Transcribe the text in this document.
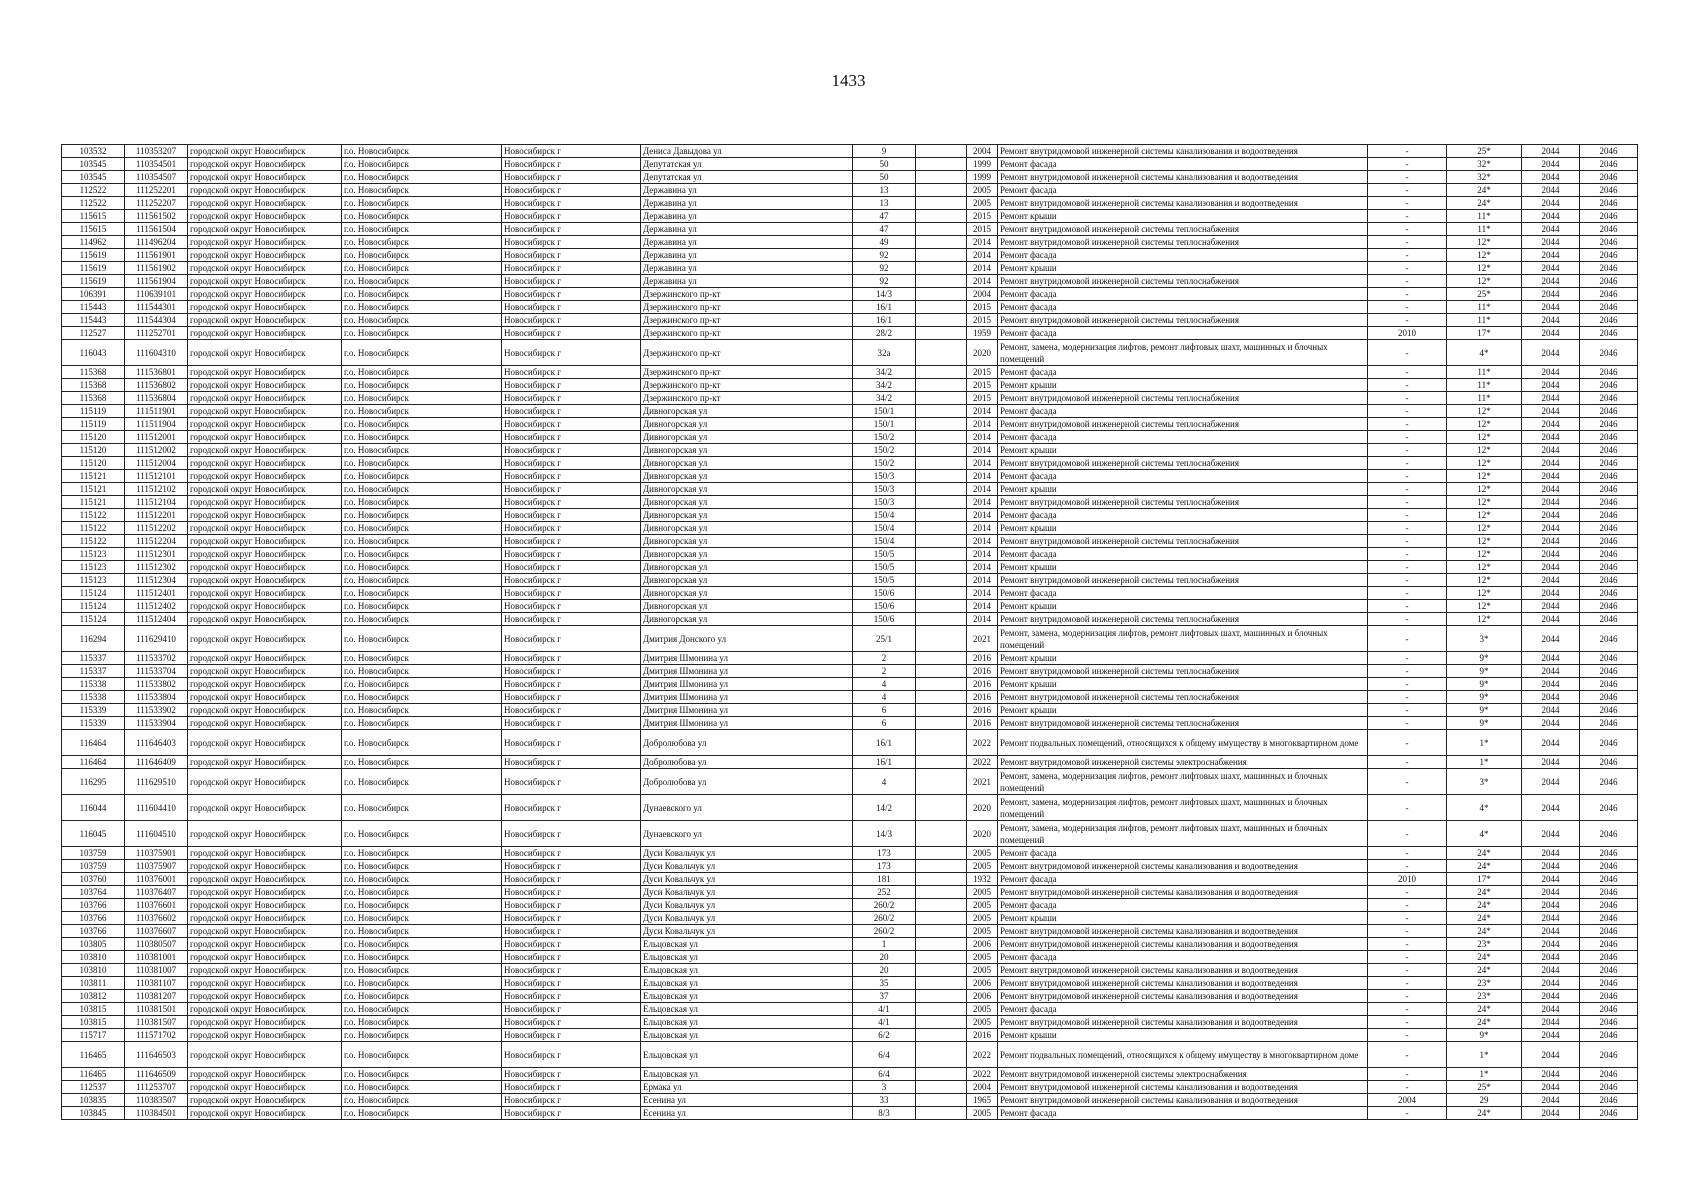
1433
103532	110353207	городской округ Новосибирск	г.о. Новосибирск	Новосибирск г	Дениса Давыдова ул	9		2004	Ремонт внутридомовой инженерной системы канализования и водоотведения	-	25*	2044	2046
103545	110354501	городской округ Новосибирск	г.о. Новосибирск	Новосибирск г	Депутатская ул	50		1999	Ремонт фасада	-	32*	2044	2046
103545	110354507	городской округ Новосибирск	г.о. Новосибирск	Новосибирск г	Депутатская ул	50		1999	Ремонт внутридомовой инженерной системы канализования и водоотведения	-	32*	2044	2046
112522	111252201	городской округ Новосибирск	г.о. Новосибирск	Новосибирск г	Державина ул	13		2005	Ремонт фасада	-	24*	2044	2046
112522	111252207	городской округ Новосибирск	г.о. Новосибирск	Новосибирск г	Державина ул	13		2005	Ремонт внутридомовой инженерной системы канализования и водоотведения	-	24*	2044	2046
115615	111561502	городской округ Новосибирск	г.о. Новосибирск	Новосибирск г	Державина ул	47		2015	Ремонт крыши	-	11*	2044	2046
115615	111561504	городской округ Новосибирск	г.о. Новосибирск	Новосибирск г	Державина ул	47		2015	Ремонт внутридомовой инженерной системы теплоснабжения	-	11*	2044	2046
114962	111496204	городской округ Новосибирск	г.о. Новосибирск	Новосибирск г	Державина ул	49		2014	Ремонт внутридомовой инженерной системы теплоснабжения	-	12*	2044	2046
115619	111561901	городской округ Новосибирск	г.о. Новосибирск	Новосибирск г	Державина ул	92		2014	Ремонт фасада	-	12*	2044	2046
115619	111561902	городской округ Новосибирск	г.о. Новосибирск	Новосибирск г	Державина ул	92		2014	Ремонт крыши	-	12*	2044	2046
115619	111561904	городской округ Новосибирск	г.о. Новосибирск	Новосибирск г	Державина ул	92		2014	Ремонт внутридомовой инженерной системы теплоснабжения	-	12*	2044	2046
106391	110639101	городской округ Новосибирск	г.о. Новосибирск	Новосибирск г	Дзержинского пр-кт	14/3		2004	Ремонт фасада	-	25*	2044	2046
115443	111544301	городской округ Новосибирск	г.о. Новосибирск	Новосибирск г	Дзержинского пр-кт	16/1		2015	Ремонт фасада	-	11*	2044	2046
115443	111544304	городской округ Новосибирск	г.о. Новосибирск	Новосибирск г	Дзержинского пр-кт	16/1		2015	Ремонт внутридомовой инженерной системы теплоснабжения	-	11*	2044	2046
112527	111252701	городской округ Новосибирск	г.о. Новосибирск	Новосибирск г	Дзержинского пр-кт	28/2		1959	Ремонт фасада	2010	17*	2044	2046
116043	111604310	городской округ Новосибирск	г.о. Новосибирск	Новосибирск г	Дзержинского пр-кт	32а		2020	Ремонт, замена, модернизация лифтов, ремонт лифтовых шахт, машинных и блочных помещений	-	4*	2044	2046
115368	111536801	городской округ Новосибирск	г.о. Новосибирск	Новосибирск г	Дзержинского пр-кт	34/2		2015	Ремонт фасада	-	11*	2044	2046
115368	111536802	городской округ Новосибирск	г.о. Новосибирск	Новосибирск г	Дзержинского пр-кт	34/2		2015	Ремонт крыши	-	11*	2044	2046
115368	111536804	городской округ Новосибирск	г.о. Новосибирск	Новосибирск г	Дзержинского пр-кт	34/2		2015	Ремонт внутридомовой инженерной системы теплоснабжения	-	11*	2044	2046
115119	111511901	городской округ Новосибирск	г.о. Новосибирск	Новосибирск г	Дивногорская ул	150/1		2014	Ремонт фасада	-	12*	2044	2046
115119	111511904	городской округ Новосибирск	г.о. Новосибирск	Новосибирск г	Дивногорская ул	150/1		2014	Ремонт внутридомовой инженерной системы теплоснабжения	-	12*	2044	2046
115120	111512001	городской округ Новосибирск	г.о. Новосибирск	Новосибирск г	Дивногорская ул	150/2		2014	Ремонт фасада	-	12*	2044	2046
115120	111512002	городской округ Новосибирск	г.о. Новосибирск	Новосибирск г	Дивногорская ул	150/2		2014	Ремонт крыши	-	12*	2044	2046
115120	111512004	городской округ Новосибирск	г.о. Новосибирск	Новосибирск г	Дивногорская ул	150/2		2014	Ремонт внутридомовой инженерной системы теплоснабжения	-	12*	2044	2046
115121	111512101	городской округ Новосибирск	г.о. Новосибирск	Новосибирск г	Дивногорская ул	150/3		2014	Ремонт фасада	-	12*	2044	2046
115121	111512102	городской округ Новосибирск	г.о. Новосибирск	Новосибирск г	Дивногорская ул	150/3		2014	Ремонт крыши	-	12*	2044	2046
115121	111512104	городской округ Новосибирск	г.о. Новосибирск	Новосибирск г	Дивногорская ул	150/3		2014	Ремонт внутридомовой инженерной системы теплоснабжения	-	12*	2044	2046
115122	111512201	городской округ Новосибирск	г.о. Новосибирск	Новосибирск г	Дивногорская ул	150/4		2014	Ремонт фасада	-	12*	2044	2046
115122	111512202	городской округ Новосибирск	г.о. Новосибирск	Новосибирск г	Дивногорская ул	150/4		2014	Ремонт крыши	-	12*	2044	2046
115122	111512204	городской округ Новосибирск	г.о. Новосибирск	Новосибирск г	Дивногорская ул	150/4		2014	Ремонт внутридомовой инженерной системы теплоснабжения	-	12*	2044	2046
115123	111512301	городской округ Новосибирск	г.о. Новосибирск	Новосибирск г	Дивногорская ул	150/5		2014	Ремонт фасада	-	12*	2044	2046
115123	111512302	городской округ Новосибирск	г.о. Новосибирск	Новосибирск г	Дивногорская ул	150/5		2014	Ремонт крыши	-	12*	2044	2046
115123	111512304	городской округ Новосибирск	г.о. Новосибирск	Новосибирск г	Дивногорская ул	150/5		2014	Ремонт внутридомовой инженерной системы теплоснабжения	-	12*	2044	2046
115124	111512401	городской округ Новосибирск	г.о. Новосибирск	Новосибирск г	Дивногорская ул	150/6		2014	Ремонт фасада	-	12*	2044	2046
115124	111512402	городской округ Новосибирск	г.о. Новосибирск	Новосибирск г	Дивногорская ул	150/6		2014	Ремонт крыши	-	12*	2044	2046
115124	111512404	городской округ Новосибирск	г.о. Новосибирск	Новосибирск г	Дивногорская ул	150/6		2014	Ремонт внутридомовой инженерной системы теплоснабжения	-	12*	2044	2046
116294	111629410	городской округ Новосибирск	г.о. Новосибирск	Новосибирск г	Дмитрия Донского ул	25/1		2021	Ремонт, замена, модернизация лифтов, ремонт лифтовых шахт, машинных и блочных помещений	-	3*	2044	2046
115337	111533702	городской округ Новосибирск	г.о. Новосибирск	Новосибирск г	Дмитрия Шмонина ул	2		2016	Ремонт крыши	-	9*	2044	2046
115337	111533704	городской округ Новосибирск	г.о. Новосибирск	Новосибирск г	Дмитрия Шмонина ул	2		2016	Ремонт внутридомовой инженерной системы теплоснабжения	-	9*	2044	2046
115338	111533802	городской округ Новосибирск	г.о. Новосибирск	Новосибирск г	Дмитрия Шмонина ул	4		2016	Ремонт крыши	-	9*	2044	2046
115338	111533804	городской округ Новосибирск	г.о. Новосибирск	Новосибирск г	Дмитрия Шмонина ул	4		2016	Ремонт внутридомовой инженерной системы теплоснабжения	-	9*	2044	2046
115339	111533902	городской округ Новосибирск	г.о. Новосибирск	Новосибирск г	Дмитрия Шмонина ул	6		2016	Ремонт крыши	-	9*	2044	2046
115339	111533904	городской округ Новосибирск	г.о. Новосибирск	Новосибирск г	Дмитрия Шмонина ул	6		2016	Ремонт внутридомовой инженерной системы теплоснабжения	-	9*	2044	2046
116464	111646403	городской округ Новосибирск	г.о. Новосибирск	Новосибирск г	Добролюбова ул	16/1		2022	Ремонт подвальных помещений, относящихся к общему имуществу в многоквартирном доме	-	1*	2044	2046
116464	111646409	городской округ Новосибирск	г.о. Новосибирск	Новосибирск г	Добролюбова ул	16/1		2022	Ремонт внутридомовой инженерной системы электроснабжения	-	1*	2044	2046
116295	111629510	городской округ Новосибирск	г.о. Новосибирск	Новосибирск г	Добролюбова ул	4		2021	Ремонт, замена, модернизация лифтов, ремонт лифтовых шахт, машинных и блочных помещений	-	3*	2044	2046
116044	111604410	городской округ Новосибирск	г.о. Новосибирск	Новосибирск г	Дунаевского ул	14/2		2020	Ремонт, замена, модернизация лифтов, ремонт лифтовых шахт, машинных и блочных помещений	-	4*	2044	2046
116045	111604510	городской округ Новосибирск	г.о. Новосибирск	Новосибирск г	Дунаевского ул	14/3		2020	Ремонт, замена, модернизация лифтов, ремонт лифтовых шахт, машинных и блочных помещений	-	4*	2044	2046
103759	110375901	городской округ Новосибирск	г.о. Новосибирск	Новосибирск г	Дуси Ковальчук ул	173		2005	Ремонт фасада	-	24*	2044	2046
103759	110375907	городской округ Новосибирск	г.о. Новосибирск	Новосибирск г	Дуси Ковальчук ул	173		2005	Ремонт внутридомовой инженерной системы канализования и водоотведения	-	24*	2044	2046
103760	110376001	городской округ Новосибирск	г.о. Новосибирск	Новосибирск г	Дуси Ковальчук ул	181		1932	Ремонт фасада	2010	17*	2044	2046
103764	110376407	городской округ Новосибирск	г.о. Новосибирск	Новосибирск г	Дуси Ковальчук ул	252		2005	Ремонт внутридомовой инженерной системы канализования и водоотведения	-	24*	2044	2046
103766	110376601	городской округ Новосибирск	г.о. Новосибирск	Новосибирск г	Дуси Ковальчук ул	260/2		2005	Ремонт фасада	-	24*	2044	2046
103766	110376602	городской округ Новосибирск	г.о. Новосибирск	Новосибирск г	Дуси Ковальчук ул	260/2		2005	Ремонт крыши	-	24*	2044	2046
103766	110376607	городской округ Новосибирск	г.о. Новосибирск	Новосибирск г	Дуси Ковальчук ул	260/2		2005	Ремонт внутридомовой инженерной системы канализования и водоотведения	-	24*	2044	2046
103805	110380507	городской округ Новосибирск	г.о. Новосибирск	Новосибирск г	Ельцовская ул	1		2006	Ремонт внутридомовой инженерной системы канализования и водоотведения	-	23*	2044	2046
103810	110381001	городской округ Новосибирск	г.о. Новосибирск	Новосибирск г	Ельцовская ул	20		2005	Ремонт фасада	-	24*	2044	2046
103810	110381007	городской округ Новосибирск	г.о. Новосибирск	Новосибирск г	Ельцовская ул	20		2005	Ремонт внутридомовой инженерной системы канализования и водоотведения	-	24*	2044	2046
103811	110381107	городской округ Новосибирск	г.о. Новосибирск	Новосибирск г	Ельцовская ул	35		2006	Ремонт внутридомовой инженерной системы канализования и водоотведения	-	23*	2044	2046
103812	110381207	городской округ Новосибирск	г.о. Новосибирск	Новосибирск г	Ельцовская ул	37		2006	Ремонт внутридомовой инженерной системы канализования и водоотведения	-	23*	2044	2046
103815	110381501	городской округ Новосибирск	г.о. Новосибирск	Новосибирск г	Ельцовская ул	4/1		2005	Ремонт фасада	-	24*	2044	2046
103815	110381507	городской округ Новосибирск	г.о. Новосибирск	Новосибирск г	Ельцовская ул	4/1		2005	Ремонт внутридомовой инженерной системы канализования и водоотведения	-	24*	2044	2046
115717	111571702	городской округ Новосибирск	г.о. Новосибирск	Новосибирск г	Ельцовская ул	6/2		2016	Ремонт крыши	-	9*	2044	2046
116465	111646503	городской округ Новосибирск	г.о. Новосибирск	Новосибирск г	Ельцовская ул	6/4		2022	Ремонт подвальных помещений, относящихся к общему имуществу в многоквартирном доме	-	1*	2044	2046
116465	111646509	городской округ Новосибирск	г.о. Новосибирск	Новосибирск г	Ельцовская ул	6/4		2022	Ремонт внутридомовой инженерной системы электроснабжения	-	1*	2044	2046
112537	111253707	городской округ Новосибирск	г.о. Новосибирск	Новосибирск г	Ермака ул	3		2004	Ремонт внутридомовой инженерной системы канализования и водоотведения	-	25*	2044	2046
103835	110383507	городской округ Новосибирск	г.о. Новосибирск	Новосибирск г	Есенина ул	33		1965	Ремонт внутридомовой инженерной системы канализования и водоотведения	2004	29	2044	2046
103845	110384501	городской округ Новосибирск	г.о. Новосибирск	Новосибирск г	Есенина ул	8/3		2005	Ремонт фасада	-	24*	2044	2046
